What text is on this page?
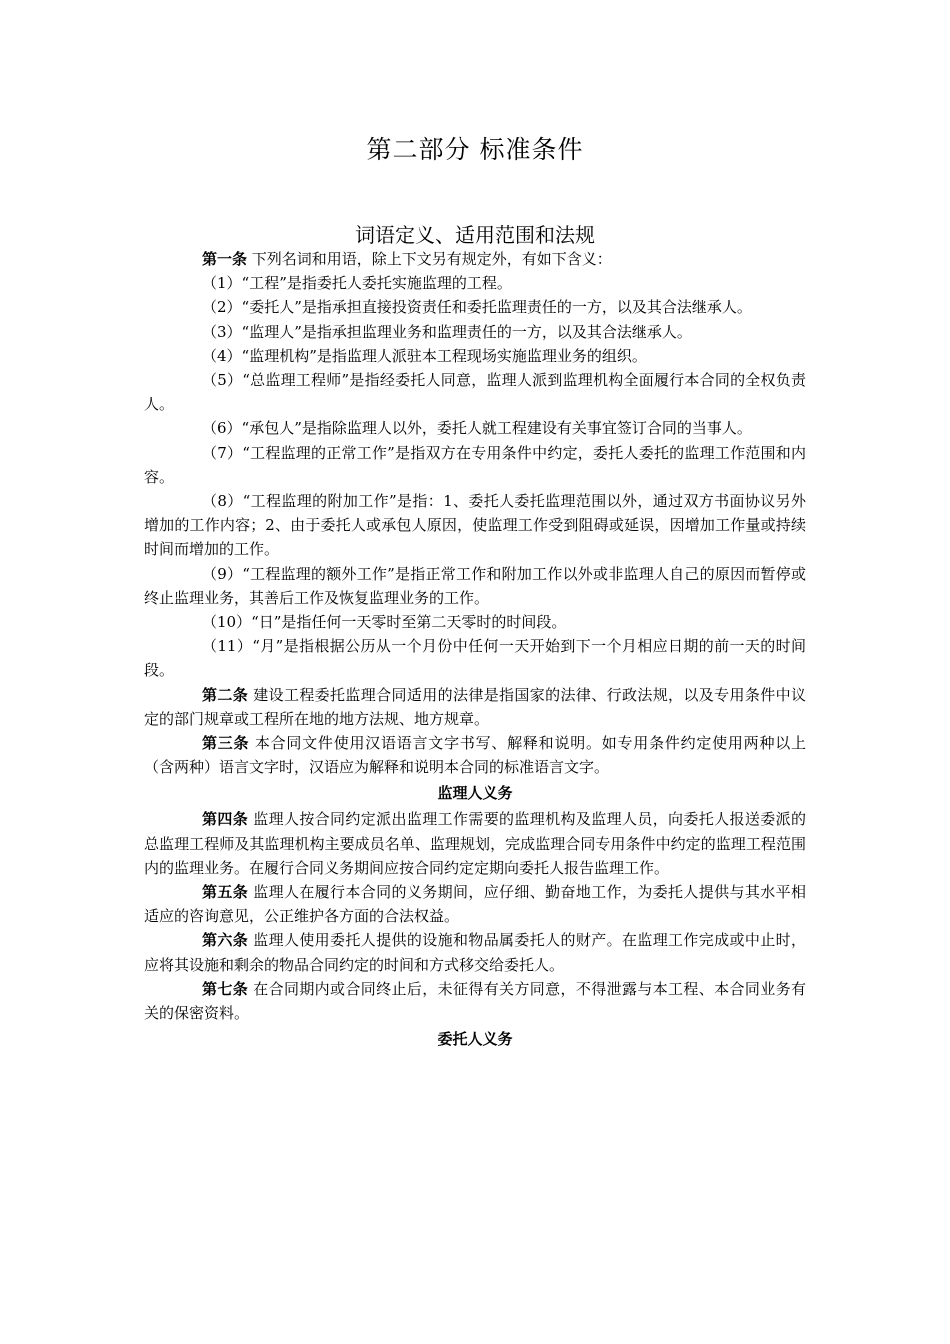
第二部分 标准条件
词语定义、适用范围和法规

第一条 下列名词和用语，除上下文另有规定外，有如下含义：

（1）“工程”是指委托人委托实施监理的工程。

（2）“委托人”是指承担直接投资责任和委托监理责任的一方，以及其合法继承人。

（3）“监理人”是指承担监理业务和监理责任的一方，以及其合法继承人。

（4）“监理机构”是指监理人派驻本工程现场实施监理业务的组织。

（5）“总监理工程师”是指经委托人同意，监理人派到监理机构全面履行本合同的全权负责人。

（6）“承包人”是指除监理人以外，委托人就工程建设有关事宜签订合同的当事人。

（7）“工程监理的正常工作”是指双方在专用条件中约定，委托人委托的监理工作范围和内容。

（8）“工程监理的附加工作”是指：1、委托人委托监理范围以外，通过双方书面协议另外增加的工作内容；2、由于委托人或承包人原因，使监理工作受到阻碍或延误，因增加工作量或持续时间而增加的工作。

（9）“工程监理的额外工作”是指正常工作和附加工作以外或非监理人自己的原因而暂停或终止监理业务，其善后工作及恢复监理业务的工作。

（10）“日”是指任何一天零时至第二天零时的时间段。

（11）“月”是指根据公历从一个月份中任何一天开始到下一个月相应日期的前一天的时间段。

第二条 建设工程委托监理合同适用的法律是指国家的法律、行政法规，以及专用条件中议定的部门规章或工程所在地的地方法规、地方规章。

第三条 本合同文件使用汉语语言文字书写、解释和说明。如专用条件约定使用两种以上（含两种）语言文字时，汉语应为解释和说明本合同的标准语言文字。

监理人义务

第四条 监理人按合同约定派出监理工作需要的监理机构及监理人员，向委托人报送委派的总监理工程师及其监理机构主要成员名单、监理规划，完成监理合同专用条件中约定的监理工程范围内的监理业务。在履行合同义务期间应按合同约定定期向委托人报告监理工作。

第五条 监理人在履行本合同的义务期间，应仔细、勤奋地工作，为委托人提供与其水平相适应的咨询意见，公正维护各方面的合法权益。

第六条 监理人使用委托人提供的设施和物品属委托人的财产。在监理工作完成或中止时，应将其设施和剩余的物品合同约定的时间和方式移交给委托人。

第七条 在合同期内或合同终止后，未征得有关方同意，不得泄露与本工程、本合同业务有关的保密资料。

委托人义务
